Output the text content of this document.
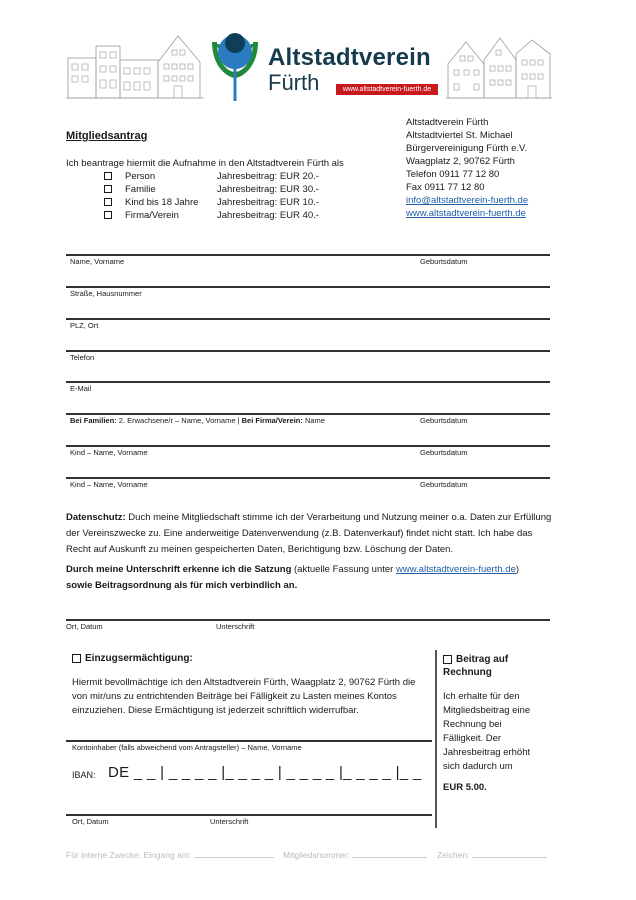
Altstadtverein
Fürth	www.altstadtverein-fuerth.de
Mitgliedsantrag
Ich beantrage hiermit die Aufnahme in den Altstadtverein Fürth als
Person	Jahresbeitrag: EUR 20.-
Familie	Jahresbeitrag: EUR 30.-
Kind bis 18 Jahre	Jahresbeitrag: EUR 10.-
Firma/Verein	Jahresbeitrag: EUR 40.-
Altstadtverein Fürth
Altstadtviertel St. Michael
Bürgervereinigung Fürth e.V.
Waagplatz 2, 90762 Fürth
Telefon 0911 77 12 80
Fax 0911 77 12 80
info@altstadtverein-fuerth.de
www.altstadtverein-fuerth.de
Name, Vorname	Geburtsdatum
Straße, Hausnummer
PLZ, Ort
Telefon
E-Mail
Bei Familien: 2. Erwachsene/r – Name, Vorname | Bei Firma/Verein: Name	Geburtsdatum
Kind – Name, Vorname	Geburtsdatum
Kind – Name, Vorname	Geburtsdatum
Datenschutz: Duch meine Mitgliedschaft stimme ich der Verarbeitung und Nutzung meiner o.a. Daten zur Erfüllung der Vereinszwecke zu. Eine anderweitige Datenverwendung (z.B. Datenverkauf) findet nicht statt. Ich habe das Recht auf Auskunft zu meinen gespeicherten Daten, Berichtigung bzw. Löschung der Daten.
Durch meine Unterschrift erkenne ich die Satzung (aktuelle Fassung unter www.altstadtverein-fuerth.de)
sowie Beitragsordnung als für mich verbindlich an.
Ort, Datum	Unterschrift
Einzugsermächtigung:
Hiermit bevollmächtige ich den Altstadtverein Fürth, Waagplatz 2, 90762 Fürth die von mir/uns zu entrichtenden Beiträge bei Fälligkeit zu Lasten meines Kontos einzuziehen. Diese Ermächtigung ist jederzeit schriftlich widerrufbar.
Kontoinhaber (falls abweichend vom Antragsteller) – Name, Vorname
IBAN: DE _ _ | _ _ _ _ |_ _ _ _ | _ _ _ _ |_ _ _ _ |_ _
Ort, Datum	Unterschrift
Beitrag auf
Rechnung
Ich erhalte für den
Mitgliedsbeitrag eine
Rechnung bei
Fälligkeit. Der
Jahresbeitrag erhöht
sich dadurch um
EUR 5.00.
Für interne Zwecke: Eingang am:	Mitgliedsnummer:	Zeichen:
